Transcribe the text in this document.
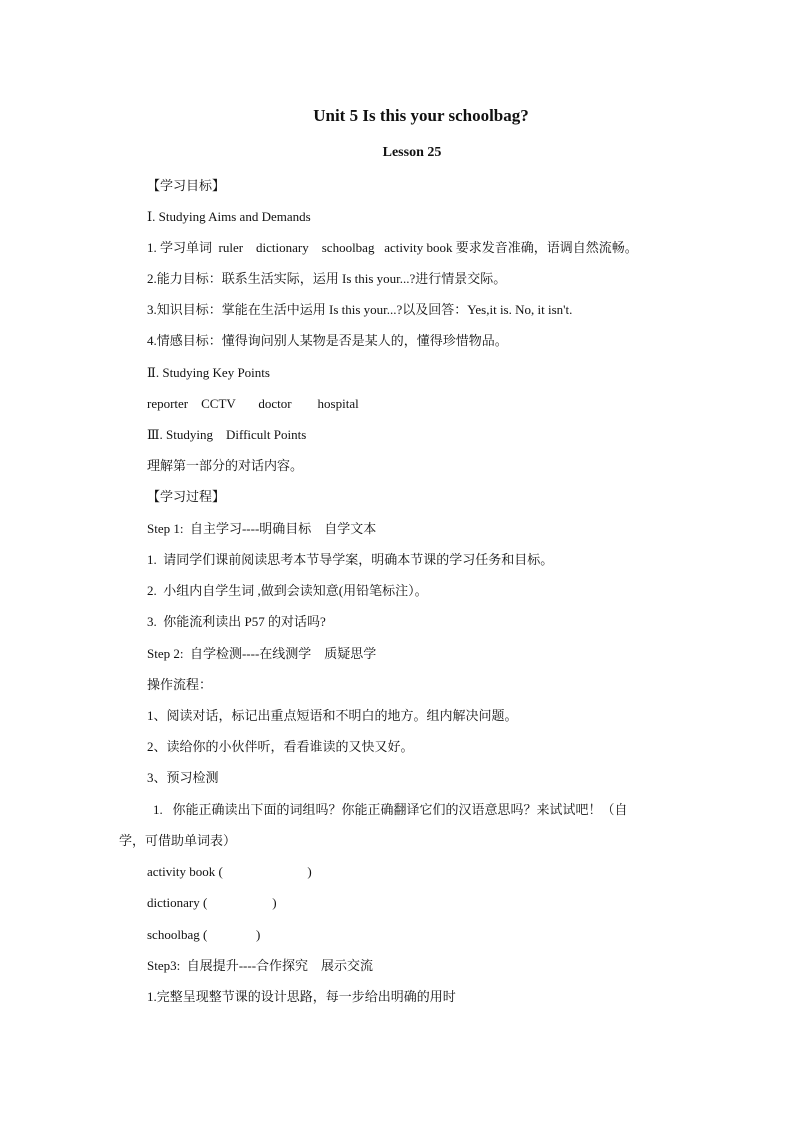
Unit 5 Is this your schoolbag?
Lesson 25
【学习目标】
Ⅰ. Studying Aims and Demands
1. 学习单词  ruler    dictionary    schoolbag   activity book 要求发音准确，语调自然流畅。
2.能力目标：联系生活实际，运用 Is this your...?进行情景交际。
3.知识目标：掌能在生活中运用 Is this your...?以及回答：Yes,it is. No, it isn't.
4.情感目标：懂得询问别人某物是否是某人的，懂得珍惜物品。
Ⅱ. Studying Key Points
reporter    CCTV       doctor        hospital
Ⅲ. Studying    Difficult Points
理解第一部分的对话内容。
【学习过程】
Step 1:  自主学习----明确目标    自学文本
1.  请同学们课前阅读思考本节导学案，明确本节课的学习任务和目标。
2.  小组内自学生词 ,做到会读知意(用铅笔标注）。
3.  你能流利读出 P57 的对话吗?
Step 2:  自学检测----在线测学    质疑思学
操作流程：
1、阅读对话，标记出重点短语和不明白的地方。组内解决问题。
2、读给你的小伙伴听，看看谁读的又快又好。
3、预习检测
1.   你能正确读出下面的词组吗？你能正确翻译它们的汉语意思吗？来试试吧！（自
学，可借助单词表）
activity book (                          )
dictionary (                    )
schoolbag (               )
Step3:  自展提升----合作探究    展示交流
1.完整呈现整节课的设计思路，每一步给出明确的用时
